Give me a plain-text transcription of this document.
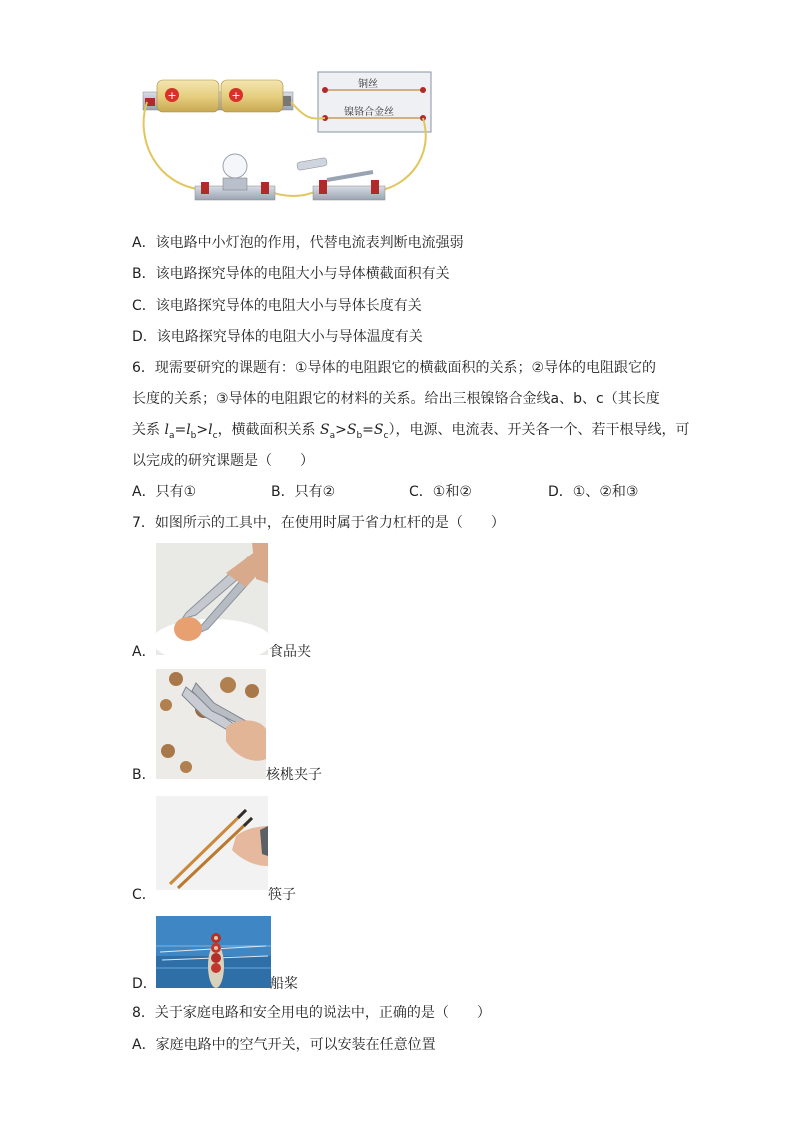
+	+
铜丝
镍铬合金丝
A．该电路中小灯泡的作用，代替电流表判断电流强弱
B．该电路探究导体的电阻大小与导体横截面积有关
C．该电路探究导体的电阻大小与导体长度有关
D．该电路探究导体的电阻大小与导体温度有关
6．现需要研究的课题有：①导体的电阻跟它的横截面积的关系；②导体的电阻跟它的
长度的关系；③导体的电阻跟它的材料的关系。给出三根镍铬合金线a、b、c（其长度
关系 $l_a=l_b>l_c$，横截面积关系 $S_a>S_b=S_c$），电源、电流表、开关各一个、若干根导线，可
以完成的研究课题是（　　）
A．只有①	B．只有②	C．①和②	D．①、②和③
7．如图所示的工具中，在使用时属于省力杠杆的是（　　）
A．	食品夹
B．	核桃夹子
C．	筷子
D．	船桨
8．关于家庭电路和安全用电的说法中，正确的是（　　）
A．家庭电路中的空气开关，可以安装在任意位置
